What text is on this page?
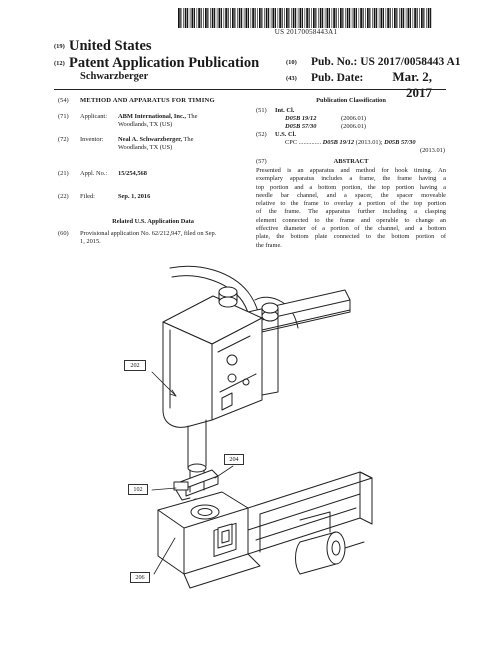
US 20170058443A1
(19) United States
(12) Patent Application Publication
Schwarzberger
(10) Pub. No.: US 2017/0058443 A1
(43) Pub. Date:	Mar. 2, 2017
(54) METHOD AND APPARATUS FOR TIMING
(71) Applicant: ABM International, Inc., The
Woodlands, TX (US)
(72) Inventor: Neal A. Schwarzberger, The
Woodlands, TX (US)
(21) Appl. No.: 15/254,568
(22) Filed:	Sep. 1, 2016
Related U.S. Application Data
(60) Provisional application No. 62/212,947, filed on Sep.
1, 2015.
Publication Classification
(51) Int. Cl.
D05B 19/12	(2006.01)
D05B 57/30	(2006.01)
(52) U.S. Cl.
CPC .............. D05B 19/12 (2013.01); D05B 57/30
(2013.01)
(57)	ABSTRACT
Presented is an apparatus and method for hook timing. An
exemplary apparatus includes a frame, the frame having a
top portion and a bottom portion, the top portion having a
needle bar channel, and a spacer, the spacer moveable
relative to the frame to overlay a portion of the top portion
of the frame. The apparatus further including a clasping
element connected to the frame and operable to change an
effective diameter of a portion of the channel, and a bottom
plate, the bottom plate connected to the bottom portion of
the frame.
202
204
102
206
